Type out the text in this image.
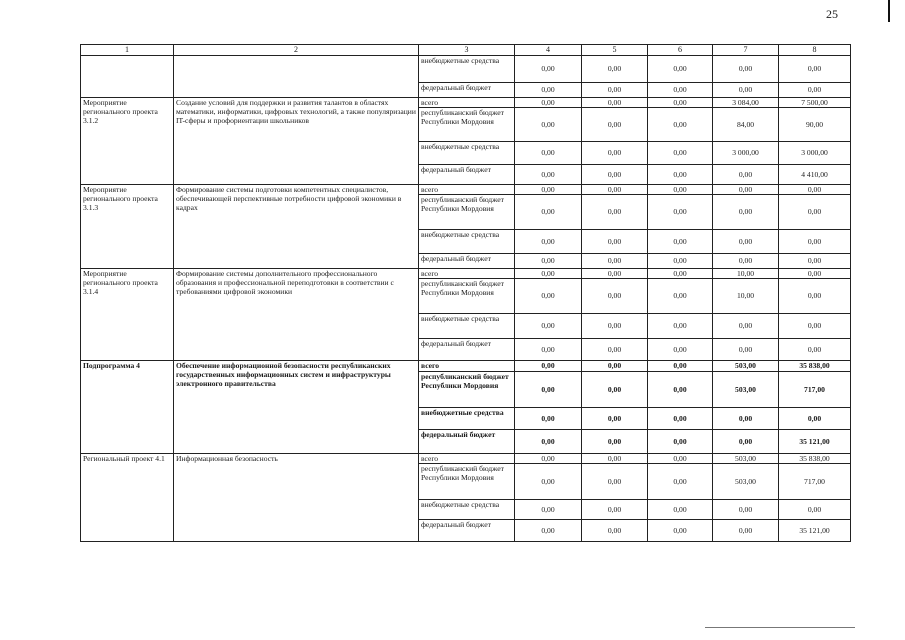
25
1	2	3	4	5	6	7	8
		внебюджетные средства	0,00	0,00	0,00	0,00	0,00
		федеральный бюджет	0,00	0,00	0,00	0,00	0,00
Мероприятие регионального проекта 3.1.2	Создание условий для поддержки и развития талантов в областях математики, информатики, цифровых технологий, а также популяризации IT-сферы и профориентации школьников	всего	0,00	0,00	0,00	3 084,00	7 500,00
		республиканский бюджет Республики Мордовия	0,00	0,00	0,00	84,00	90,00
		внебюджетные средства	0,00	0,00	0,00	3 000,00	3 000,00
		федеральный бюджет	0,00	0,00	0,00	0,00	4 410,00
Мероприятие регионального проекта 3.1.3	Формирование системы подготовки компетентных специалистов, обеспечивающей перспективные потребности цифровой экономики в кадрах	всего	0,00	0,00	0,00	0,00	0,00
		республиканский бюджет Республики Мордовия	0,00	0,00	0,00	0,00	0,00
		внебюджетные средства	0,00	0,00	0,00	0,00	0,00
		федеральный бюджет	0,00	0,00	0,00	0,00	0,00
Мероприятие регионального проекта 3.1.4	Формирование системы дополнительного профессионального образования и профессиональной переподготовки в соответствии с требованиями цифровой экономики	всего	0,00	0,00	0,00	10,00	0,00
		республиканский бюджет Республики Мордовия	0,00	0,00	0,00	10,00	0,00
		внебюджетные средства	0,00	0,00	0,00	0,00	0,00
		федеральный бюджет	0,00	0,00	0,00	0,00	0,00
Подпрограмма 4	Обеспечение информационной безопасности республиканских государственных информационных систем и инфраструктуры электронного правительства	всего	0,00	0,00	0,00	503,00	35 838,00
		республиканский бюджет Республики Мордовия	0,00	0,00	0,00	503,00	717,00
		внебюджетные средства	0,00	0,00	0,00	0,00	0,00
		федеральный бюджет	0,00	0,00	0,00	0,00	35 121,00
Региональный проект 4.1	Информационная безопасность	всего	0,00	0,00	0,00	503,00	35 838,00
		республиканский бюджет Республики Мордовия	0,00	0,00	0,00	503,00	717,00
		внебюджетные средства	0,00	0,00	0,00	0,00	0,00
		федеральный бюджет	0,00	0,00	0,00	0,00	35 121,00
